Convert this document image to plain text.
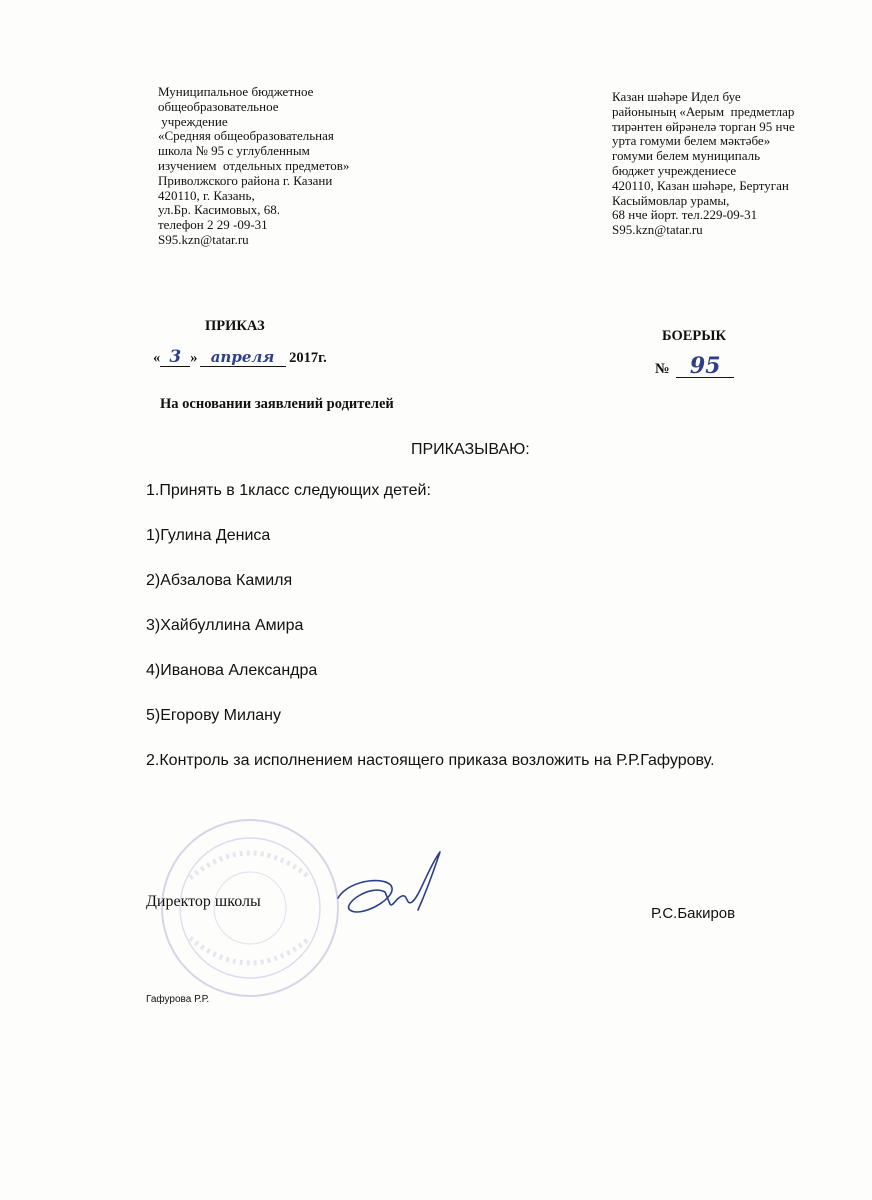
Муниципальное бюджетное
общеобразовательное
учреждение
«Средняя общеобразовательная
школа № 95 с углубленным
изучением  отдельных предметов»
Приволжского района г. Казани
420110, г. Казань,
ул.Бр. Касимовых, 68.
телефон 2 29 -09-31
S95.kzn@tatar.ru
Казан шәһәре Идел буе
районының «Аерым  предметлар
тирәнтен өйрәнелә торган 95 нче
урта гомуми белем мәктәбе»
гомуми белем муниципаль
бюджет учреждениесе
420110, Казан шәһәре, Бертуган
Касыймовлар урамы,
68 нче йорт. тел.229-09-31
S95.kzn@tatar.ru
ПРИКАЗ
БОЕРЫК
« 3 » апреля 2017г.
№ 95
На основании заявлений родителей
ПРИКАЗЫВАЮ:
1.Принять в 1класс следующих детей:
1)Гулина Дениса
2)Абзалова Камиля
3)Хайбуллина Амира
4)Иванова Александра
5)Егорову Милану
2.Контроль за исполнением настоящего приказа возложить на Р.Р.Гафурову.
Директор школы
Р.С.Бакиров
Гафурова Р.Р.
